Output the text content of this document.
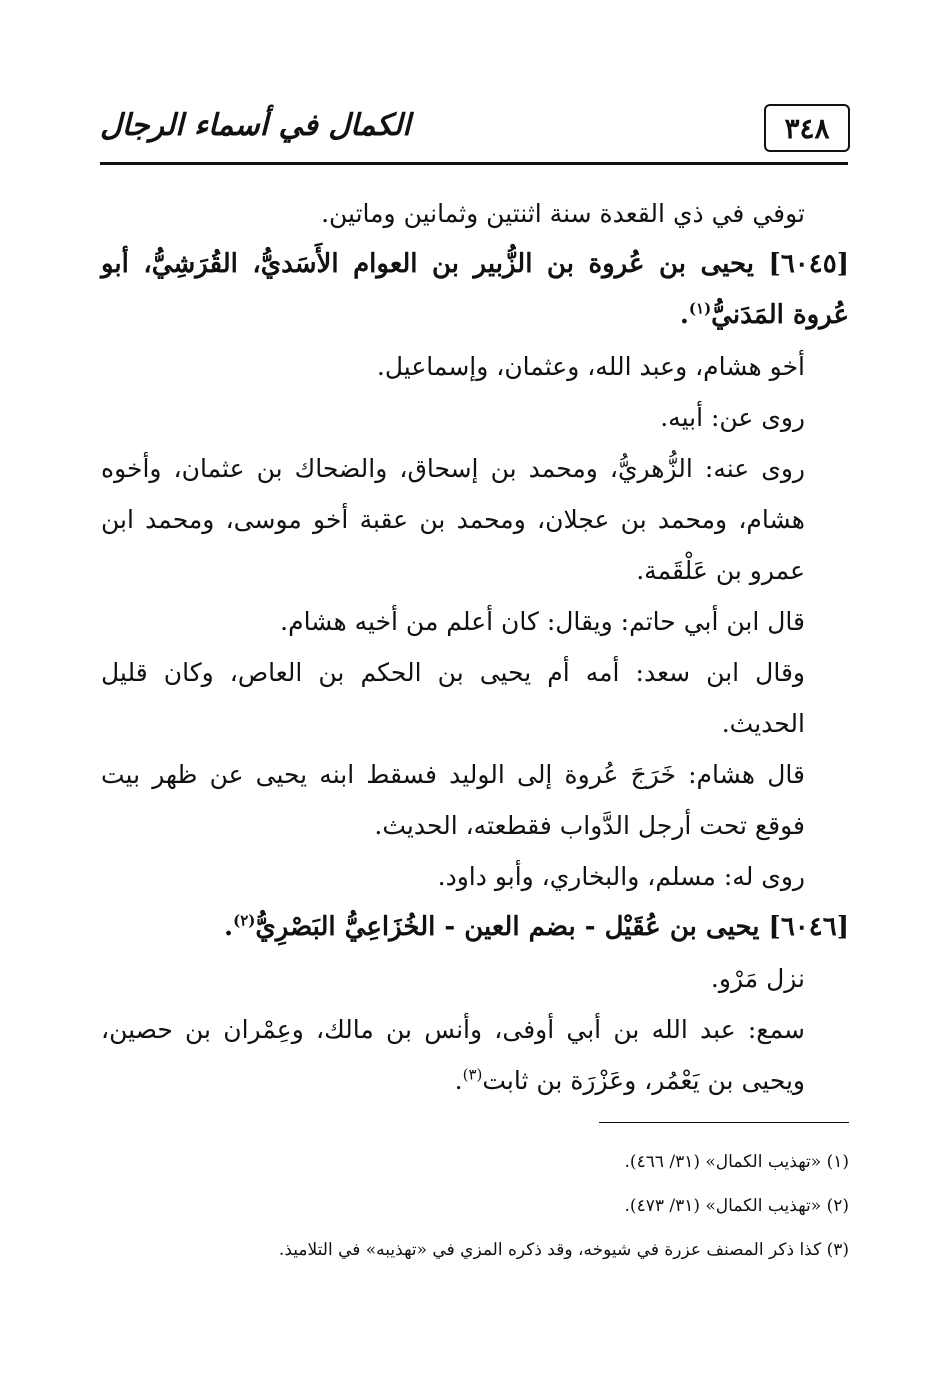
٣٤٨
الكمال في أسماء الرجال

توفي في ذي القعدة سنة اثنتين وثمانين وماتين.

[٦٠٤٥] يحيى بن عُروة بن الزُّبير بن العوام الأَسَديُّ، القُرَشِيُّ، أبو عُروة المَدَنيُّ$^{(١)}$.

أخو هشام، وعبد الله، وعثمان، وإسماعيل.

روى عن: أبيه.

روى عنه: الزُّهريُّ، ومحمد بن إسحاق، والضحاك بن عثمان، وأخوه هشام، ومحمد بن عجلان، ومحمد بن عقبة أخو موسى، ومحمد ابن عمرو بن عَلْقَمة.

قال ابن أبي حاتم: ويقال: كان أعلم من أخيه هشام.

وقال ابن سعد: أمه أم يحيى بن الحكم بن العاص، وكان قليل الحديث.

قال هشام: خَرَجَ عُروة إلى الوليد فسقط ابنه يحيى عن ظهر بيت فوقع تحت أرجل الدَّواب فقطعته، الحديث.

روى له: مسلم، والبخاري، وأبو داود.

[٦٠٤٦] يحيى بن عُقَيْل - بضم العين - الخُزَاعِيُّ البَصْرِيُّ$^{(٢)}$.

نزل مَرْو.

سمع: عبد الله بن أبي أوفى، وأنس بن مالك، وعِمْران بن حصين، ويحيى بن يَعْمُر، وعَزْرَة بن ثابت$^{(٣)}$.

(١) «تهذيب الكمال» (٣١/ ٤٦٦).

(٢) «تهذيب الكمال» (٣١/ ٤٧٣).

(٣) كذا ذكر المصنف عزرة في شيوخه، وقد ذكره المزي في «تهذيبه» في التلاميذ.
